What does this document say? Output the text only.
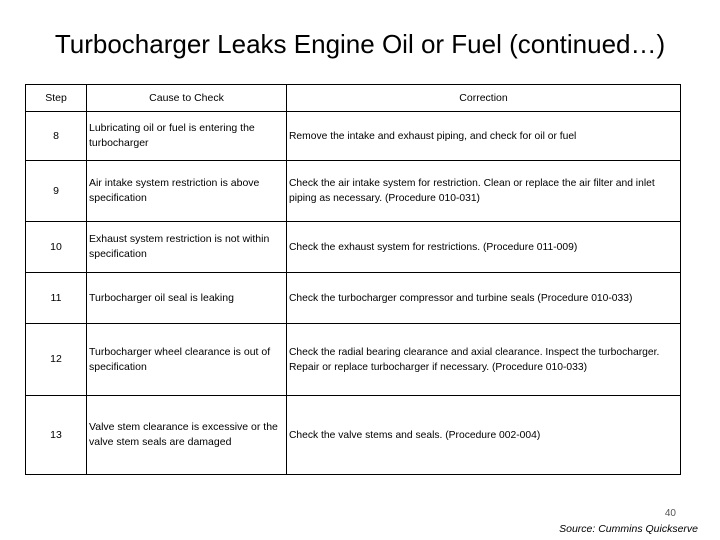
Turbocharger Leaks Engine Oil or Fuel (continued…)
Step	Cause to Check	Correction
8	Lubricating oil or fuel is entering the turbocharger	Remove the intake and exhaust piping, and check for oil or fuel
9	Air intake system restriction is above specification	Check the air intake system for restriction. Clean or replace the air filter and inlet piping as necessary. (Procedure 010-031)
10	Exhaust system restriction is not within specification	Check the exhaust system for restrictions. (Procedure 011-009)
11	Turbocharger oil seal is leaking	Check the turbocharger compressor and turbine seals (Procedure 010-033)
12	Turbocharger wheel clearance is out of specification	Check the radial bearing clearance and axial clearance. Inspect the turbocharger. Repair or replace turbocharger if necessary. (Procedure 010-033)
13	Valve stem clearance is excessive or the valve stem seals are damaged	Check the valve stems and seals. (Procedure 002-004)
40
Source: Cummins Quickserve
